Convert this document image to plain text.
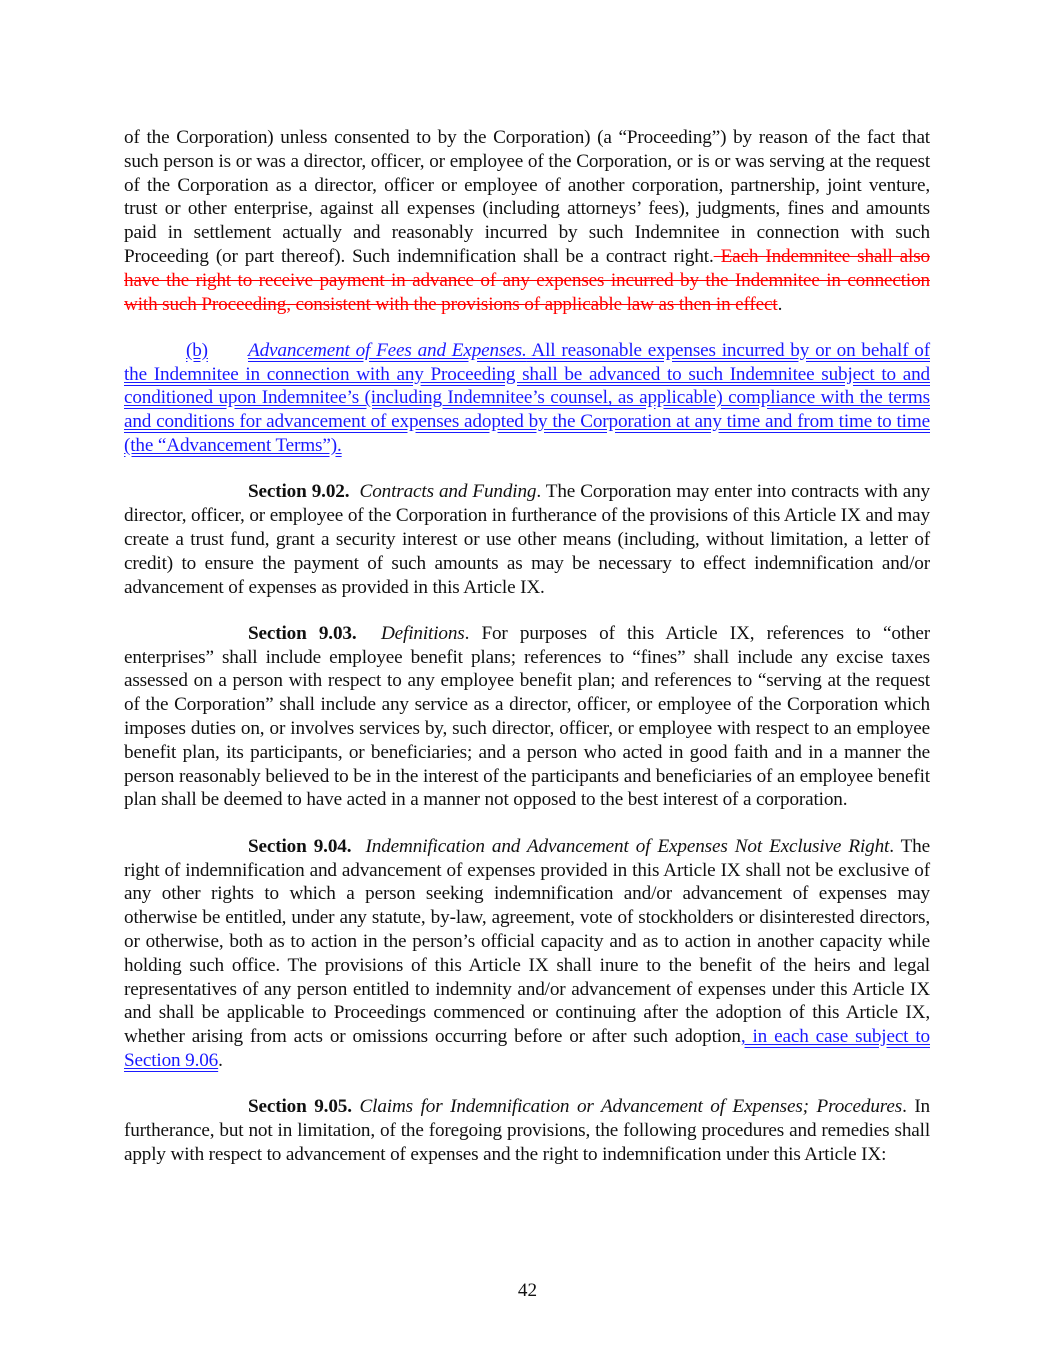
of the Corporation) unless consented to by the Corporation) (a “Proceeding”) by reason of the fact that such person is or was a director, officer, or employee of the Corporation, or is or was serving at the request of the Corporation as a director, officer or employee of another corporation, partnership, joint venture, trust or other enterprise, against all expenses (including attorneys’ fees), judgments, fines and amounts paid in settlement actually and reasonably incurred by such Indemnitee in connection with such Proceeding (or part thereof). Such indemnification shall be a contract right. Each Indemnitee shall also have the right to receive payment in advance of any expenses incurred by the Indemnitee in connection with such Proceeding, consistent with the provisions of applicable law as then in effect.

(b) Advancement of Fees and Expenses. All reasonable expenses incurred by or on behalf of the Indemnitee in connection with any Proceeding shall be advanced to such Indemnitee subject to and conditioned upon Indemnitee’s (including Indemnitee’s counsel, as applicable) compliance with the terms and conditions for advancement of expenses adopted by the Corporation at any time and from time to time (the “Advancement Terms”).

Section 9.02. Contracts and Funding. The Corporation may enter into contracts with any director, officer, or employee of the Corporation in furtherance of the provisions of this Article IX and may create a trust fund, grant a security interest or use other means (including, without limitation, a letter of credit) to ensure the payment of such amounts as may be necessary to effect indemnification and/or advancement of expenses as provided in this Article IX.

Section 9.03. Definitions. For purposes of this Article IX, references to “other enterprises” shall include employee benefit plans; references to “fines” shall include any excise taxes assessed on a person with respect to any employee benefit plan; and references to “serving at the request of the Corporation” shall include any service as a director, officer, or employee of the Corporation which imposes duties on, or involves services by, such director, officer, or employee with respect to an employee benefit plan, its participants, or beneficiaries; and a person who acted in good faith and in a manner the person reasonably believed to be in the interest of the participants and beneficiaries of an employee benefit plan shall be deemed to have acted in a manner not opposed to the best interest of a corporation.

Section 9.04. Indemnification and Advancement of Expenses Not Exclusive Right. The right of indemnification and advancement of expenses provided in this Article IX shall not be exclusive of any other rights to which a person seeking indemnification and/or advancement of expenses may otherwise be entitled, under any statute, by-law, agreement, vote of stockholders or disinterested directors, or otherwise, both as to action in the person’s official capacity and as to action in another capacity while holding such office. The provisions of this Article IX shall inure to the benefit of the heirs and legal representatives of any person entitled to indemnity and/or advancement of expenses under this Article IX and shall be applicable to Proceedings commenced or continuing after the adoption of this Article IX, whether arising from acts or omissions occurring before or after such adoption, in each case subject to Section 9.06.

Section 9.05. Claims for Indemnification or Advancement of Expenses; Procedures. In furtherance, but not in limitation, of the foregoing provisions, the following procedures and remedies shall apply with respect to advancement of expenses and the right to indemnification under this Article IX:

42
